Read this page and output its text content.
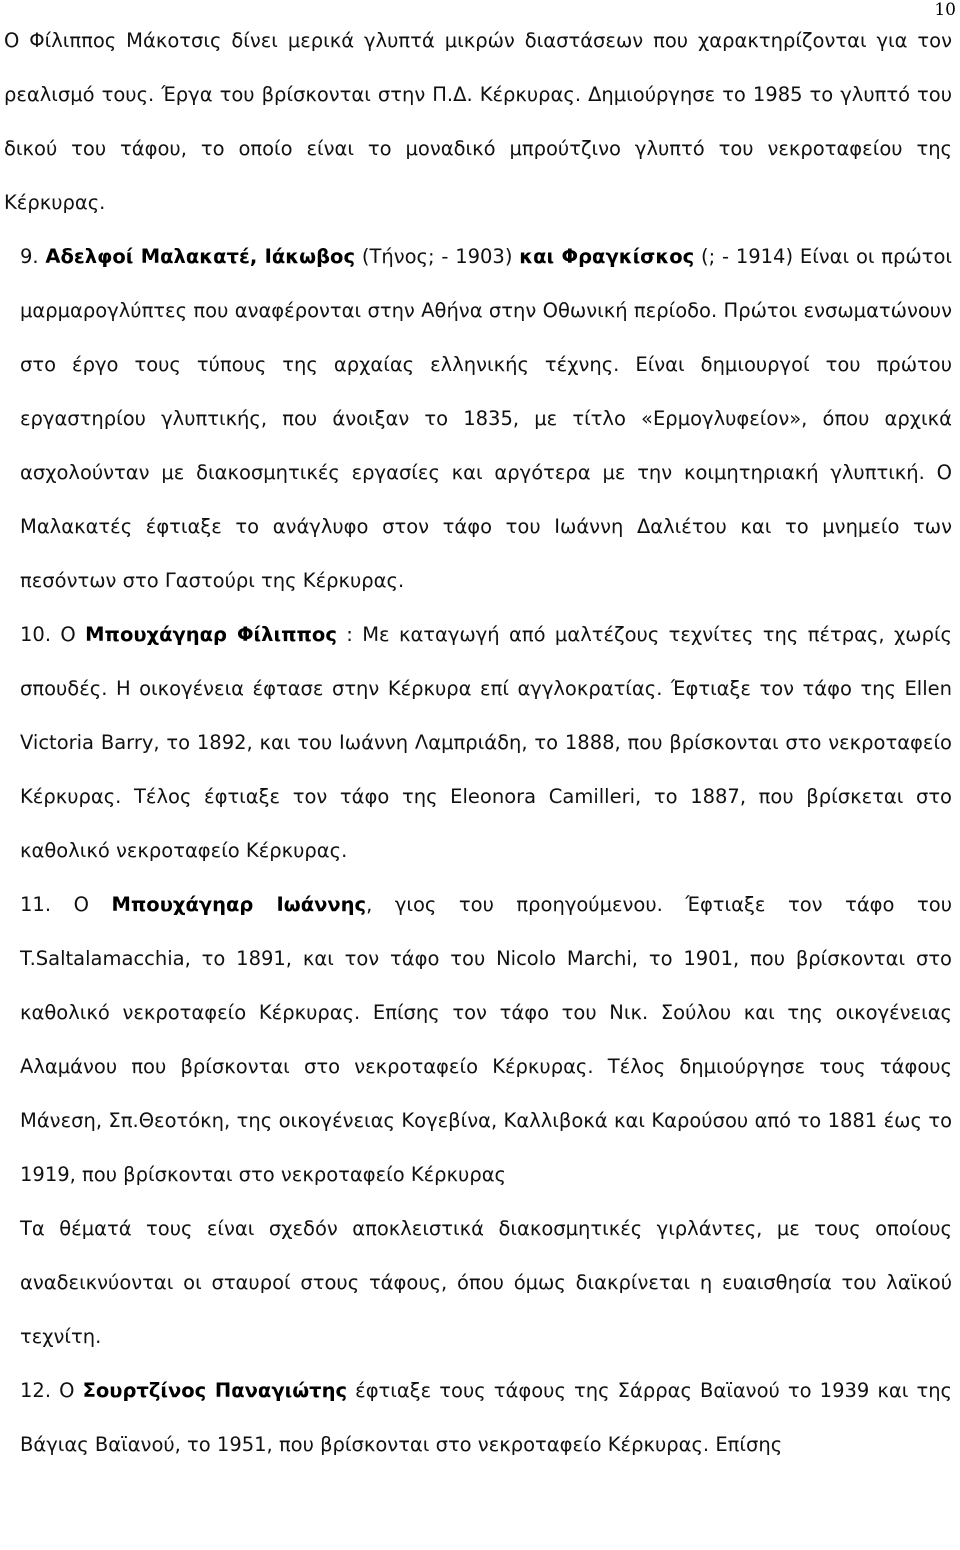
10

Ο Φίλιππος Μάκοτσις δίνει μερικά γλυπτά μικρών διαστάσεων που χαρακτηρίζονται για τον ρεαλισμό τους. Έργα του βρίσκονται στην Π.Δ. Κέρκυρας. Δημιούργησε το 1985 το γλυπτό του δικού του τάφου, το οποίο είναι το μοναδικό μπρούτζινο γλυπτό του νεκροταφείου της Κέρκυρας.

9. Αδελφοί Μαλακατέ, Ιάκωβος (Τήνος; - 1903) και Φραγκίσκος (; - 1914) Είναι οι πρώτοι μαρμαρογλύπτες που αναφέρονται στην Αθήνα στην Οθωνική περίοδο. Πρώτοι ενσωματώνουν στο έργο τους τύπους της αρχαίας ελληνικής τέχνης. Είναι δημιουργοί του πρώτου εργαστηρίου γλυπτικής, που άνοιξαν το 1835, με τίτλο «Ερμογλυφείον», όπου αρχικά ασχολούνταν με διακοσμητικές εργασίες και αργότερα με την κοιμητηριακή γλυπτική. Ο Μαλακατές έφτιαξε το ανάγλυφο στον τάφο του Ιωάννη Δαλιέτου και το μνημείο των πεσόντων στο Γαστούρι της Κέρκυρας.

10. Ο Μπουχάγηαρ Φίλιππος : Με καταγωγή από μαλτέζους τεχνίτες της πέτρας, χωρίς σπουδές. Η οικογένεια έφτασε στην Κέρκυρα επί αγγλοκρατίας. Έφτιαξε τον τάφο της Ellen Victoria Barry, το 1892, και του Ιωάννη Λαμπριάδη, το 1888, που βρίσκονται στο νεκροταφείο Κέρκυρας. Τέλος έφτιαξε τον τάφο της Eleonora Camilleri, το 1887, που βρίσκεται στο καθολικό νεκροταφείο Κέρκυρας.

11. Ο Μπουχάγηαρ Ιωάννης, γιος του προηγούμενου. Έφτιαξε τον τάφο του T.Saltalamacchia, το 1891, και τον τάφο του Nicolo Marchi, το 1901, που βρίσκονται στο καθολικό νεκροταφείο Κέρκυρας. Επίσης τον τάφο του Νικ. Σούλου και της οικογένειας Αλαμάνου που βρίσκονται στο νεκροταφείο Κέρκυρας. Τέλος δημιούργησε τους τάφους Μάνεση, Σπ.Θεοτόκη, της οικογένειας Κογεβίνα, Καλλιβοκά και Καρούσου από το 1881 έως το 1919, που βρίσκονται στο νεκροταφείο Κέρκυρας

Τα θέματά τους είναι σχεδόν αποκλειστικά διακοσμητικές γιρλάντες, με τους οποίους αναδεικνύονται οι σταυροί στους τάφους, όπου όμως διακρίνεται η ευαισθησία του λαϊκού τεχνίτη.

12. Ο Σουρτζίνος Παναγιώτης έφτιαξε τους τάφους της Σάρρας Βαϊανού το 1939 και της Βάγιας Βαϊανού, το 1951, που βρίσκονται στο νεκροταφείο Κέρκυρας. Επίσης
